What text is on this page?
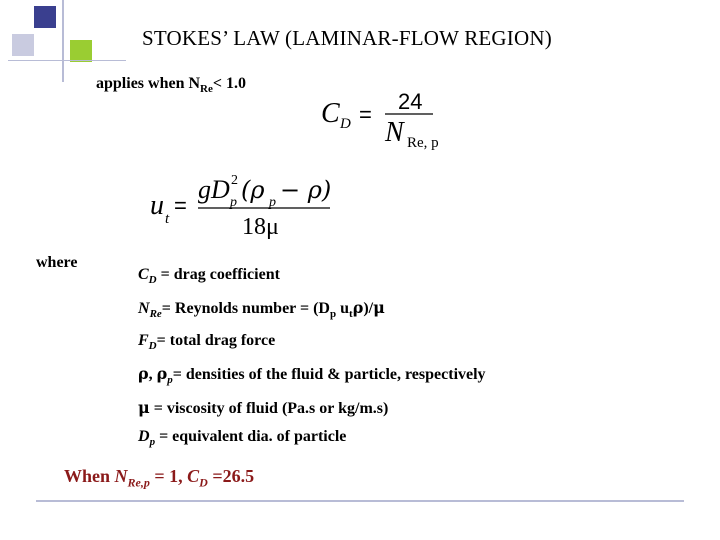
STOKES’ LAW (LAMINAR-FLOW REGION)
applies when $N_{Re}< 1.0$
C D =
24
N Re, p
u t
=
gD 2
p (ρ p − ρ)
18μ
where
$C_D$ = drag coefficient
$N_{Re}=$ Reynolds number = ($D_p$ $u_t\rho)/\mu$
$F_D=$ total drag force
ρ, $\rho_p=$ densities of the fluid & particle, respectively
μ = viscosity of fluid (Pa.s or kg/m.s)
$D_p$ = equivalent dia. of particle
When $N_{Re,p} = 1$, $C_D =26.5$
